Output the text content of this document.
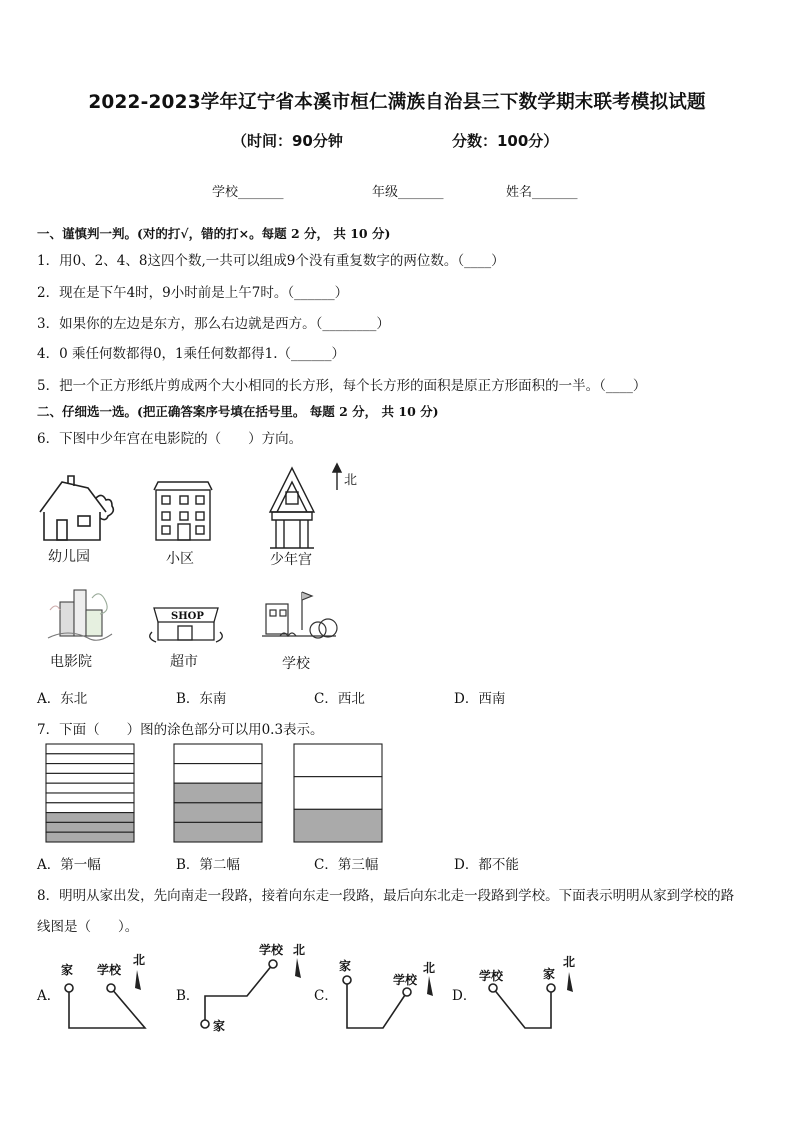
2022-2023学年辽宁省本溪市桓仁满族自治县三下数学期末联考模拟试题
（时间：90分钟	分数：100分）
学校_______	年级_______	姓名_______
一、谨慎判一判。(对的打√，错的打×。每题 2 分， 共 10 分)
1．用0、2、4、8这四个数,一共可以组成9个没有重复数字的两位数。（____）
2．现在是下午4时，9小时前是上午7时。（______）
3．如果你的左边是东方，那么右边就是西方。（________）
4．0 乘任何数都得0，1乘任何数都得1.（______）
5．把一个正方形纸片剪成两个大小相同的长方形，每个长方形的面积是原正方形面积的一半。（____）
二、仔细选一选。(把正确答案序号填在括号里。 每题 2 分， 共 10 分)
6．下图中少年宫在电影院的（　　）方向。
北
幼儿园	小区	少年宫
SHOP
电影院	超市	学校
A．东北	B．东南	C．西北	D．西南
7．下面（　　）图的涂色部分可以用0.3表示。
A．第一幅	B．第二幅	C．第三幅	D．都不能
8．明明从家出发，先向南走一段路，接着向东走一段路，最后向东北走一段路到学校。下面表示明明从家到学校的路
线图是（　　）。
A．	B．	C．	D．
家 学校
北
家
学校 北
家
学校
北
学校	家
北
